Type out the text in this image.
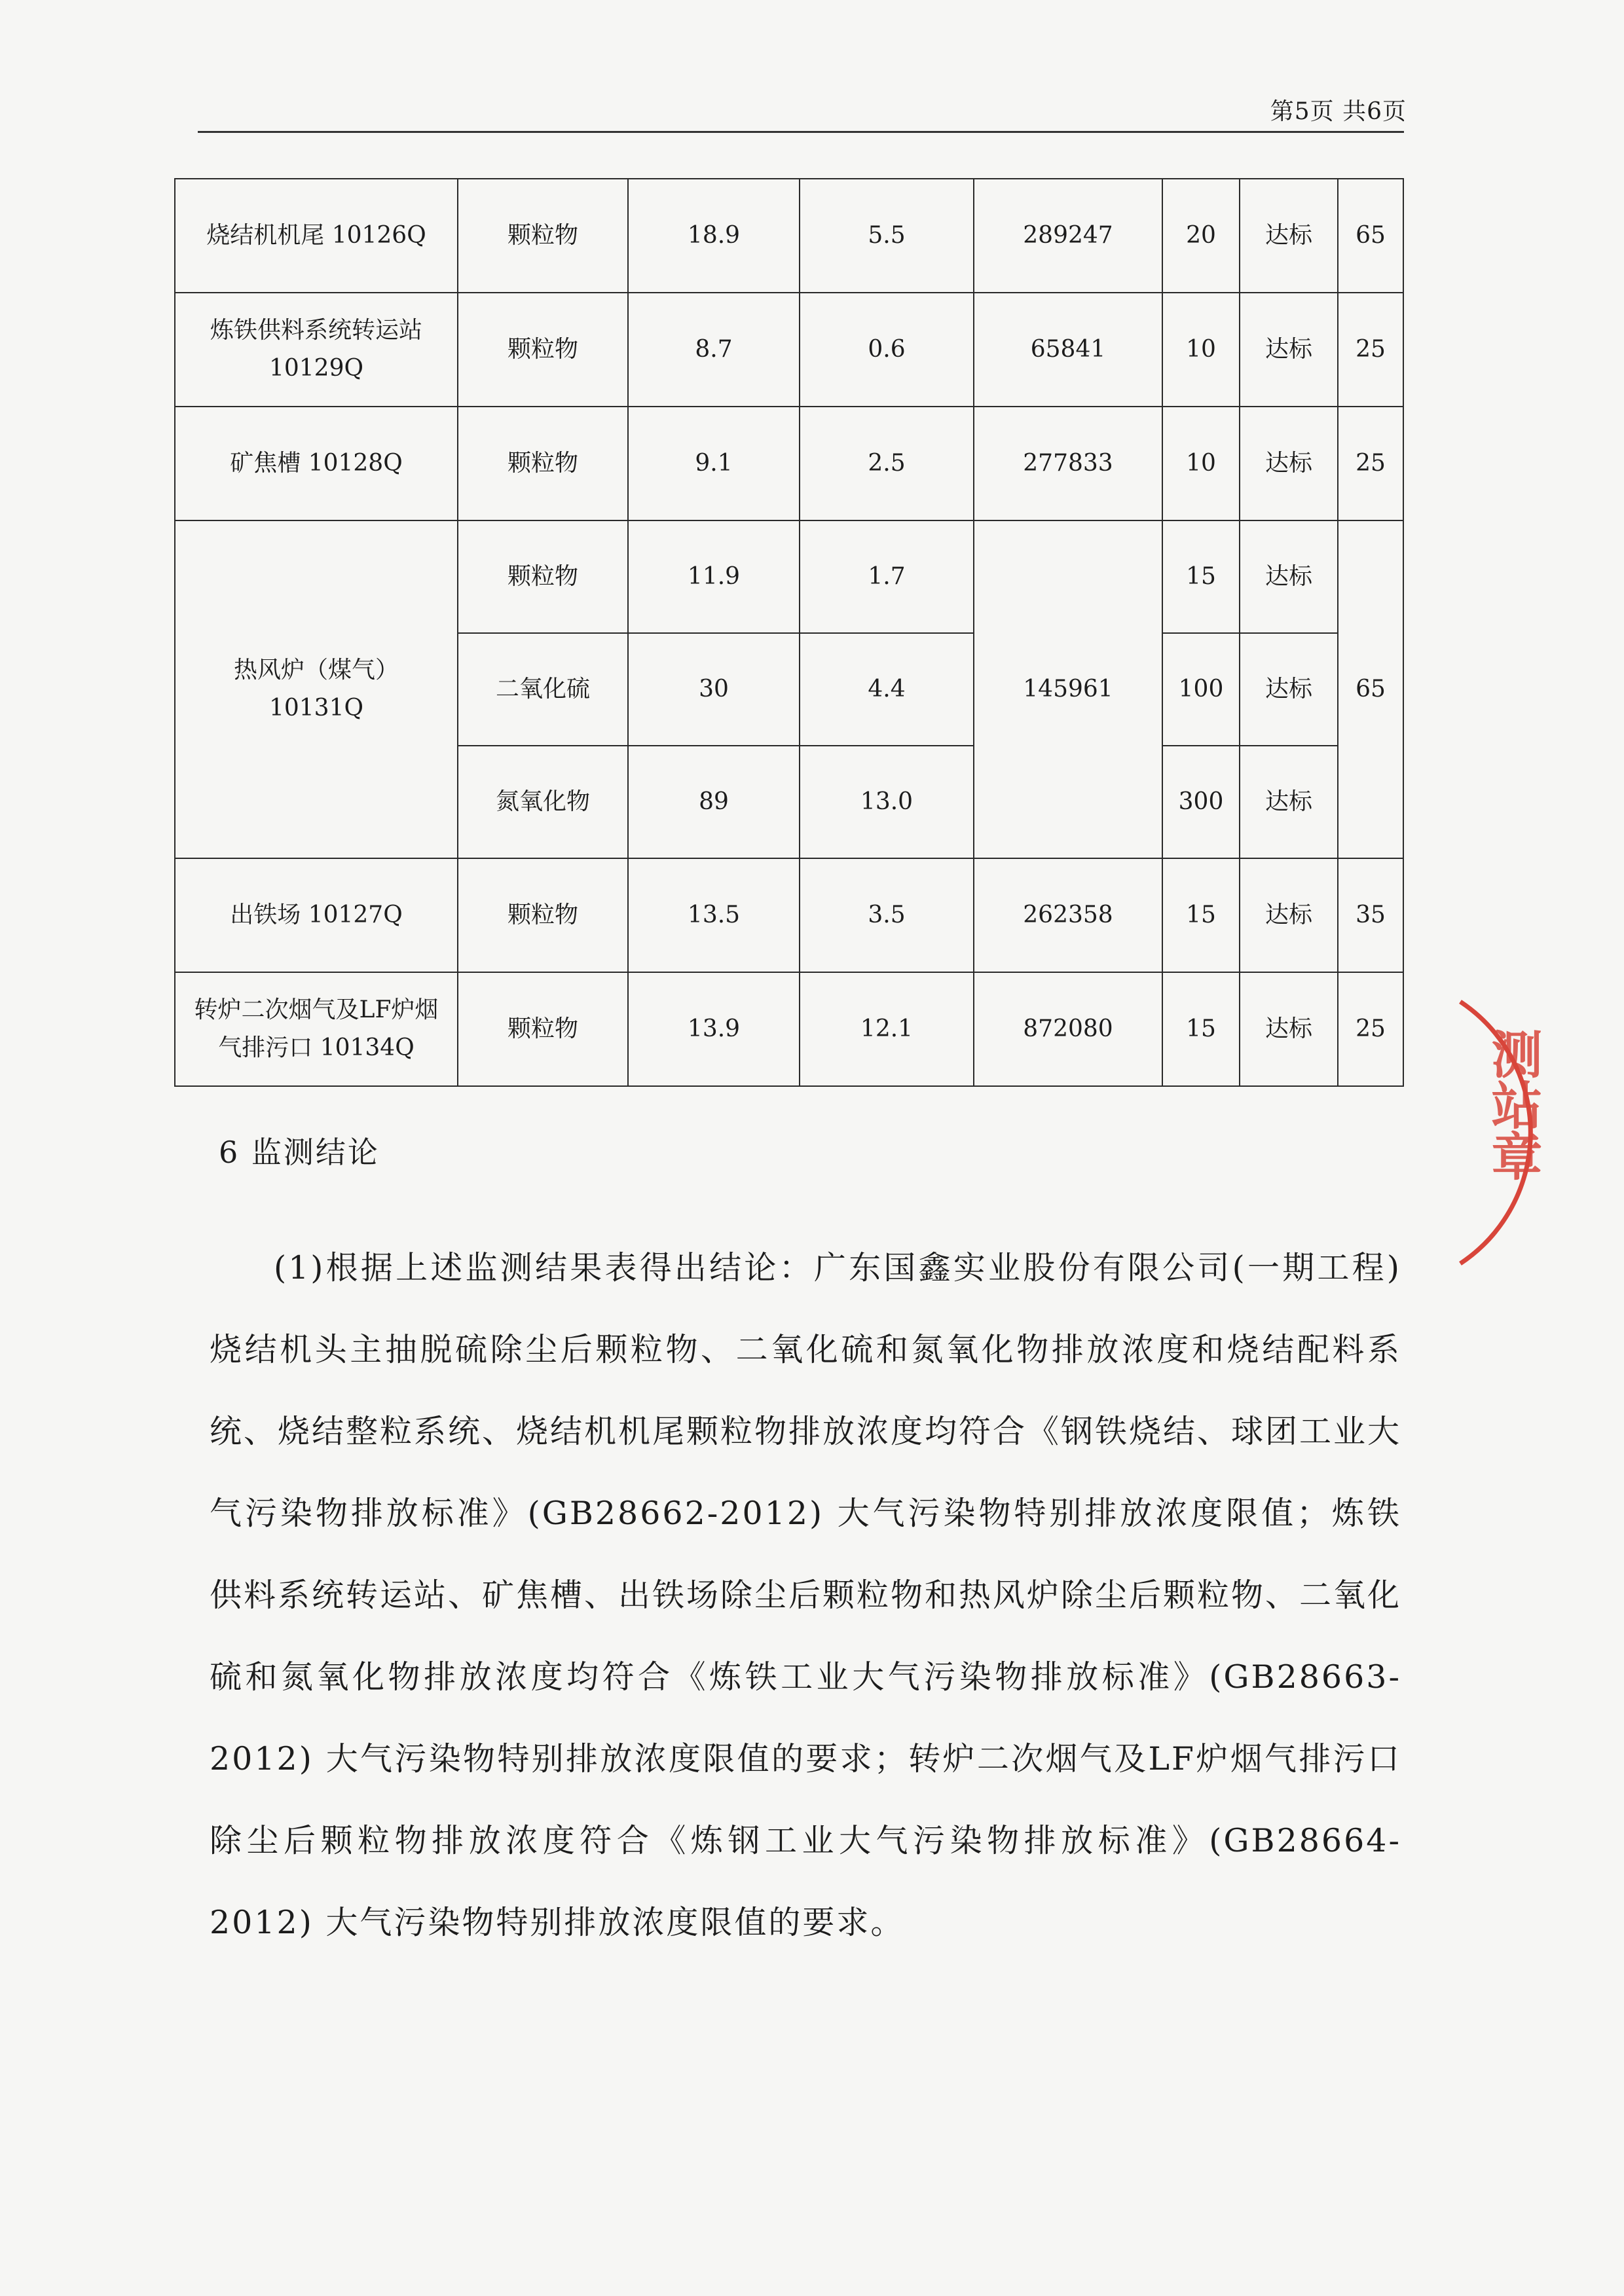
第5页 共6页
烧结机机尾 10126Q	颗粒物	18.9	5.5	289247	20	达标	65
炼铁供料系统转运站 10129Q	颗粒物	8.7	0.6	65841	10	达标	25
矿焦槽 10128Q	颗粒物	9.1	2.5	277833	10	达标	25
热风炉（煤气）10131Q	颗粒物	11.9	1.7	145961	15	达标	65
	二氧化硫	30	4.4		100	达标	
	氮氧化物	89	13.0		300	达标	
出铁场 10127Q	颗粒物	13.5	3.5	262358	15	达标	35
转炉二次烟气及LF炉烟气排污口 10134Q	颗粒物	13.9	12.1	872080	15	达标	25
6 监测结论

(1)根据上述监测结果表得出结论：广东国鑫实业股份有限公司(一期工程) 烧结机头主抽脱硫除尘后颗粒物、二氧化硫和氮氧化物排放浓度和烧结配料系统、烧结整粒系统、烧结机机尾颗粒物排放浓度均符合《钢铁烧结、球团工业大气污染物排放标准》(GB28662-2012) 大气污染物特别排放浓度限值；炼铁供料系统转运站、矿焦槽、出铁场除尘后颗粒物和热风炉除尘后颗粒物、二氧化硫和氮氧化物排放浓度均符合《炼铁工业大气污染物排放标准》(GB28663-2012) 大气污染物特别排放浓度限值的要求；转炉二次烟气及LF炉烟气排污口除尘后颗粒物排放浓度符合《炼钢工业大气污染物排放标准》(GB28664-2012) 大气污染物特别排放浓度限值的要求。

测站章
